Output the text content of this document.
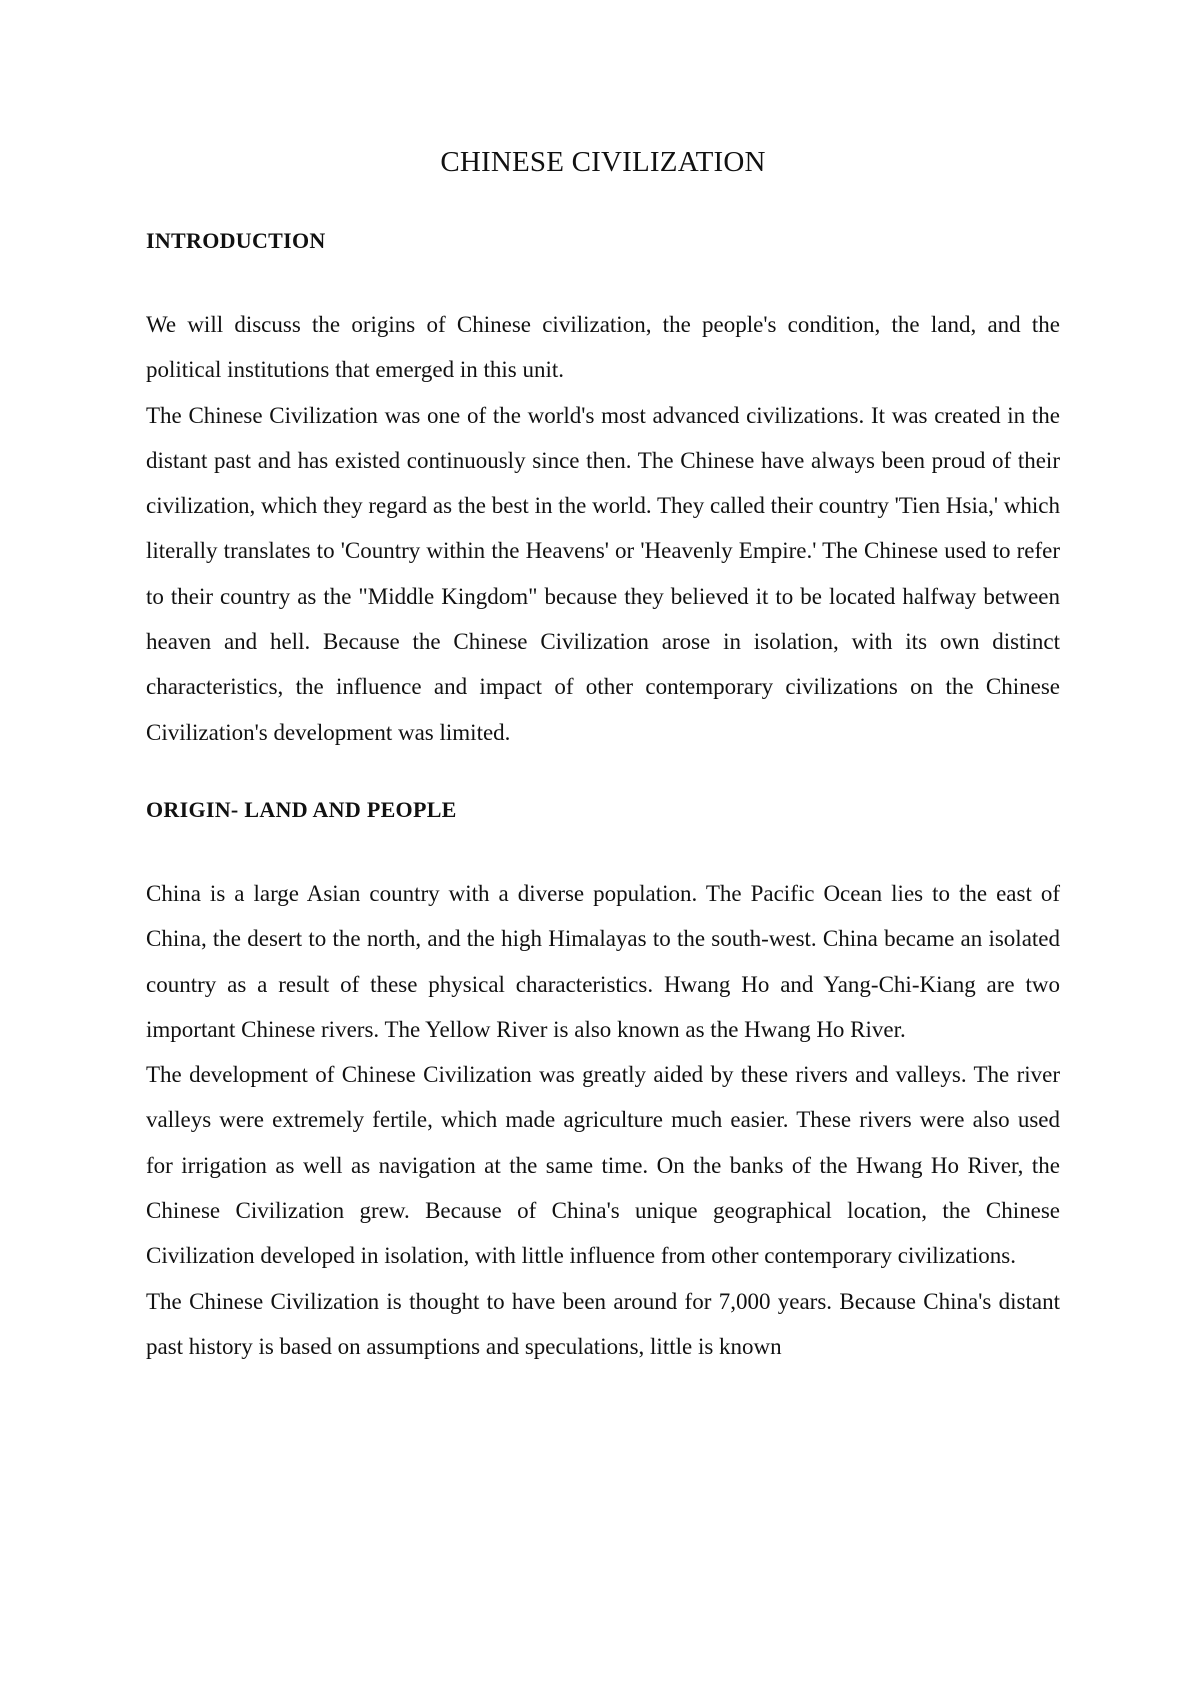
CHINESE CIVILIZATION
INTRODUCTION

We will discuss the origins of Chinese civilization, the people's condition, the land, and the political institutions that emerged in this unit.

The Chinese Civilization was one of the world's most advanced civilizations. It was created in the distant past and has existed continuously since then. The Chinese have always been proud of their civilization, which they regard as the best in the world. They called their country 'Tien Hsia,' which literally translates to 'Country within the Heavens' or 'Heavenly Empire.' The Chinese used to refer to their country as the "Middle Kingdom" because they believed it to be located halfway between heaven and hell. Because the Chinese Civilization arose in isolation, with its own distinct characteristics, the influence and impact of other contemporary civilizations on the Chinese Civilization's development was limited.

ORIGIN- LAND AND PEOPLE

China is a large Asian country with a diverse population. The Pacific Ocean lies to the east of China, the desert to the north, and the high Himalayas to the south-west. China became an isolated country as a result of these physical characteristics. Hwang Ho and Yang-Chi-Kiang are two important Chinese rivers. The Yellow River is also known as the Hwang Ho River.

The development of Chinese Civilization was greatly aided by these rivers and valleys. The river valleys were extremely fertile, which made agriculture much easier. These rivers were also used for irrigation as well as navigation at the same time. On the banks of the Hwang Ho River, the Chinese Civilization grew. Because of China's unique geographical location, the Chinese Civilization developed in isolation, with little influence from other contemporary civilizations.

The Chinese Civilization is thought to have been around for 7,000 years. Because China's distant past history is based on assumptions and speculations, little is known
